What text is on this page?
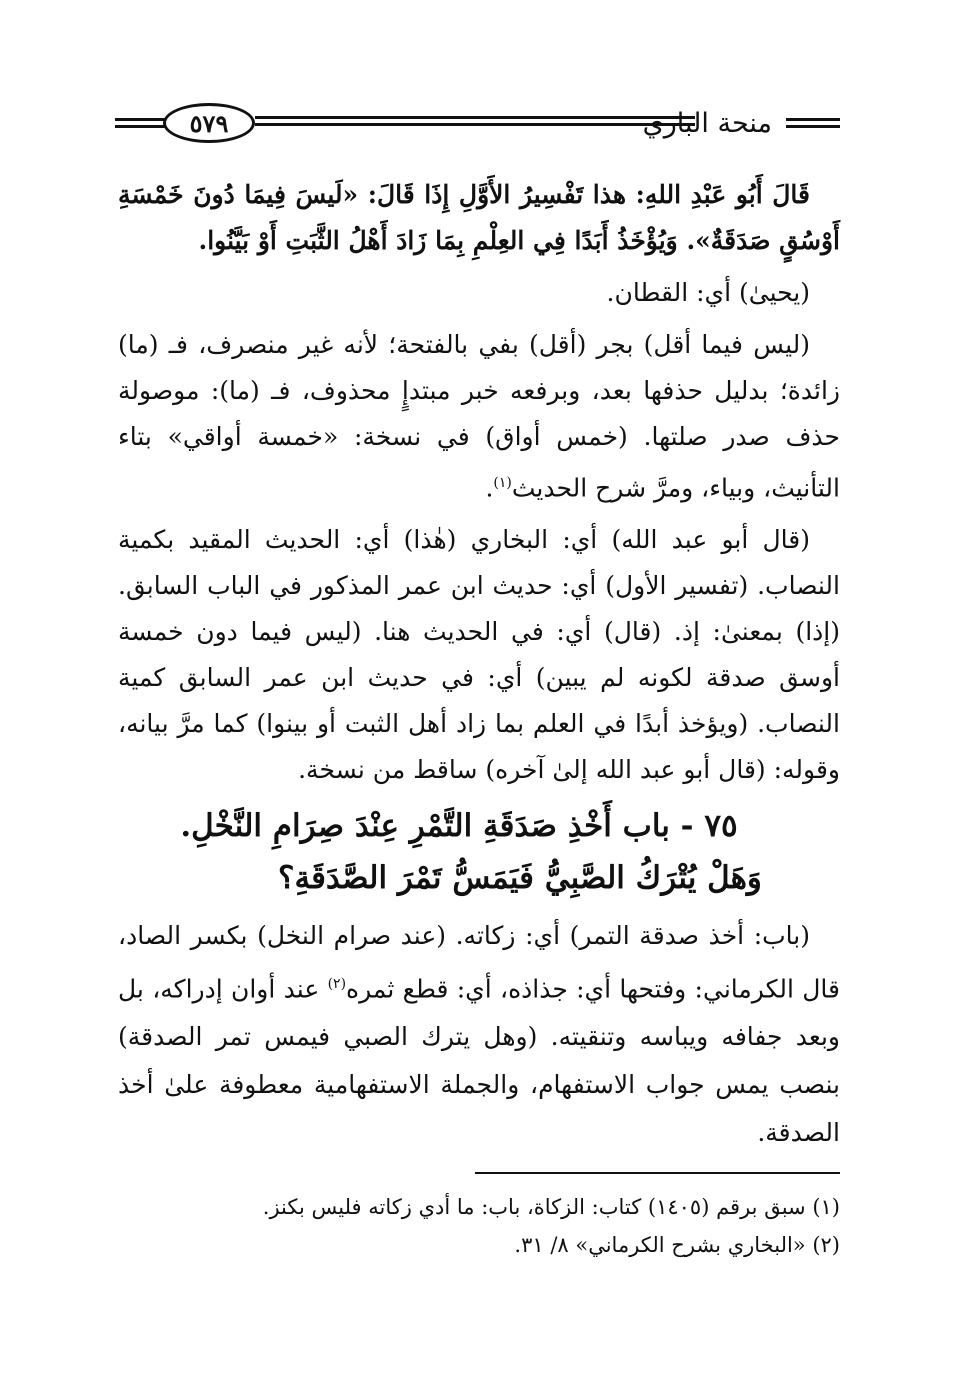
٥٧٩	منحة الباري

قَالَ أَبُو عَبْدِ اللهِ: هذا تَفْسِيرُ الأَوَّلِ إِذَا قَالَ: «لَيسَ فِيمَا دُونَ خَمْسَةِ أَوْسُقٍ صَدَقَةٌ». وَيُؤْخَذُ أَبَدًا فِي العِلْمِ بِمَا زَادَ أَهْلُ الثَّبَتِ أَوْ بَيَّنُوا.

(يحيىٰ) أي: القطان.

(ليس فيما أقل) بجر (أقل) بفي بالفتحة؛ لأنه غير منصرف، فـ (ما) زائدة؛ بدليل حذفها بعد، وبرفعه خبر مبتدإٍ محذوف، فـ (ما): موصولة حذف صدر صلتها. (خمس أواق) في نسخة: «خمسة أواقي» بتاء التأنيث، وبياء، ومرَّ شرح الحديث$^{(١)}$.

(قال أبو عبد الله) أي: البخاري (هٰذا) أي: الحديث المقيد بكمية النصاب. (تفسير الأول) أي: حديث ابن عمر المذكور في الباب السابق. (إذا) بمعنىٰ: إذ. (قال) أي: في الحديث هنا. (ليس فيما دون خمسة أوسق صدقة لكونه لم يبين) أي: في حديث ابن عمر السابق كمية النصاب. (ويؤخذ أبدًا في العلم بما زاد أهل الثبت أو بينوا) كما مرَّ بيانه، وقوله: (قال أبو عبد الله إلىٰ آخره) ساقط من نسخة.

٧٥ - باب أَخْذِ صَدَقَةِ التَّمْرِ عِنْدَ صِرَامِ النَّخْلِ.
وَهَلْ يُتْرَكُ الصَّبِيُّ فَيَمَسُّ تَمْرَ الصَّدَقَةِ؟

(باب: أخذ صدقة التمر) أي: زكاته. (عند صرام النخل) بكسر الصاد، قال الكرماني: وفتحها أي: جذاذه، أي: قطع ثمره$^{(٢)}$ عند أوان إدراكه، بل وبعد جفافه ويباسه وتنقيته. (وهل يترك الصبي فيمس تمر الصدقة) بنصب يمس جواب الاستفهام، والجملة الاستفهامية معطوفة علىٰ أخذ الصدقة.

(١) سبق برقم (١٤٠٥) كتاب: الزكاة، باب: ما أدي زكاته فليس بكنز.
(٢) «البخاري بشرح الكرماني» ٨/ ٣١.
